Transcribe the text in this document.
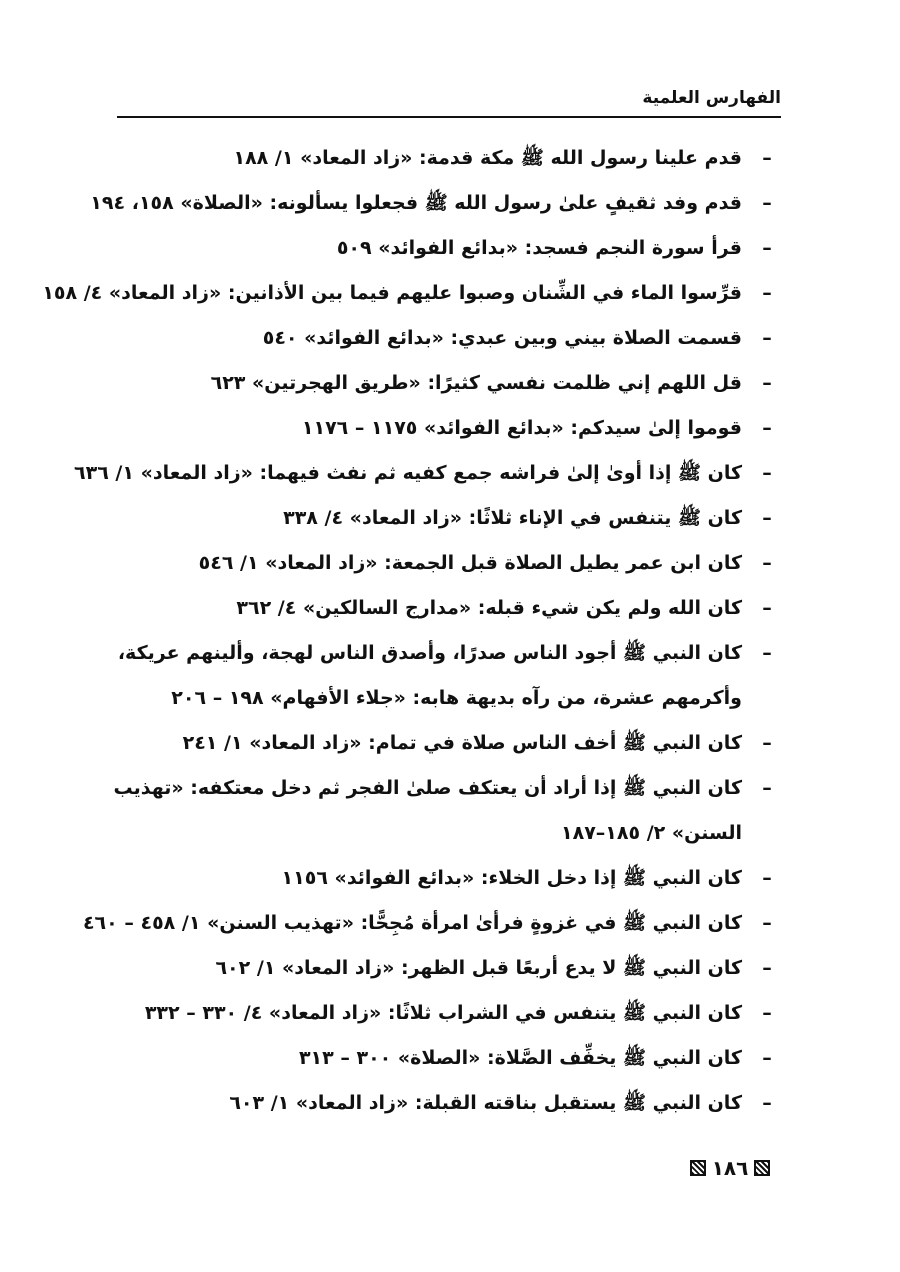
الفهارس العلمية
–
قدم علينا رسول الله ﷺ مكة قدمة: «زاد المعاد» ١/ ١٨٨
–
قدم وفد ثقيفٍ علىٰ رسول الله ﷺ فجعلوا يسألونه: «الصلاة» ١٥٨، ١٩٤
–
قرأ سورة النجم فسجد: «بدائع الفوائد» ٥٠٩
–
قرِّسوا الماء في الشِّنان وصبوا عليهم فيما بين الأذانين: «زاد المعاد» ٤/ ١٥٨
–
قسمت الصلاة بيني وبين عبدي: «بدائع الفوائد» ٥٤٠
–
قل اللهم إني ظلمت نفسي كثيرًا: «طريق الهجرتين» ٦٢٣
–
قوموا إلىٰ سيدكم: «بدائع الفوائد» ١١٧٥ – ١١٧٦
–
كان ﷺ إذا أوىٰ إلىٰ فراشه جمع كفيه ثم نفث فيهما: «زاد المعاد» ١/ ٦٣٦
–
كان ﷺ يتنفس في الإناء ثلاثًا: «زاد المعاد» ٤/ ٣٣٨
–
كان ابن عمر يطيل الصلاة قبل الجمعة: «زاد المعاد» ١/ ٥٤٦
–
كان الله ولم يكن شيء قبله: «مدارج السالكين» ٤/ ٣٦٢
–
كان النبي ﷺ أجود الناس صدرًا، وأصدق الناس لهجة، وألينهم عريكة، وأكرمهم عشرة، من رآه بديهة هابه: «جلاء الأفهام» ١٩٨ – ٢٠٦
–
كان النبي ﷺ أخف الناس صلاة في تمام: «زاد المعاد» ١/ ٢٤١
–
كان النبي ﷺ إذا أراد أن يعتكف صلىٰ الفجر ثم دخل معتكفه: «تهذيب السنن» ٢/ ١٨٥–١٨٧
–
كان النبي ﷺ إذا دخل الخلاء: «بدائع الفوائد» ١١٥٦
–
كان النبي ﷺ في غزوةٍ فرأىٰ امرأة مُجِحًّا: «تهذيب السنن» ١/ ٤٥٨ – ٤٦٠
–
كان النبي ﷺ لا يدع أربعًا قبل الظهر: «زاد المعاد» ١/ ٦٠٢
–
كان النبي ﷺ يتنفس في الشراب ثلاثًا: «زاد المعاد» ٤/ ٣٣٠ – ٣٣٢
–
كان النبي ﷺ يخفِّف الصَّلاة: «الصلاة» ٣٠٠ – ٣١٣
–
كان النبي ﷺ يستقبل بناقته القبلة: «زاد المعاد» ١/ ٦٠٣
١٨٦
